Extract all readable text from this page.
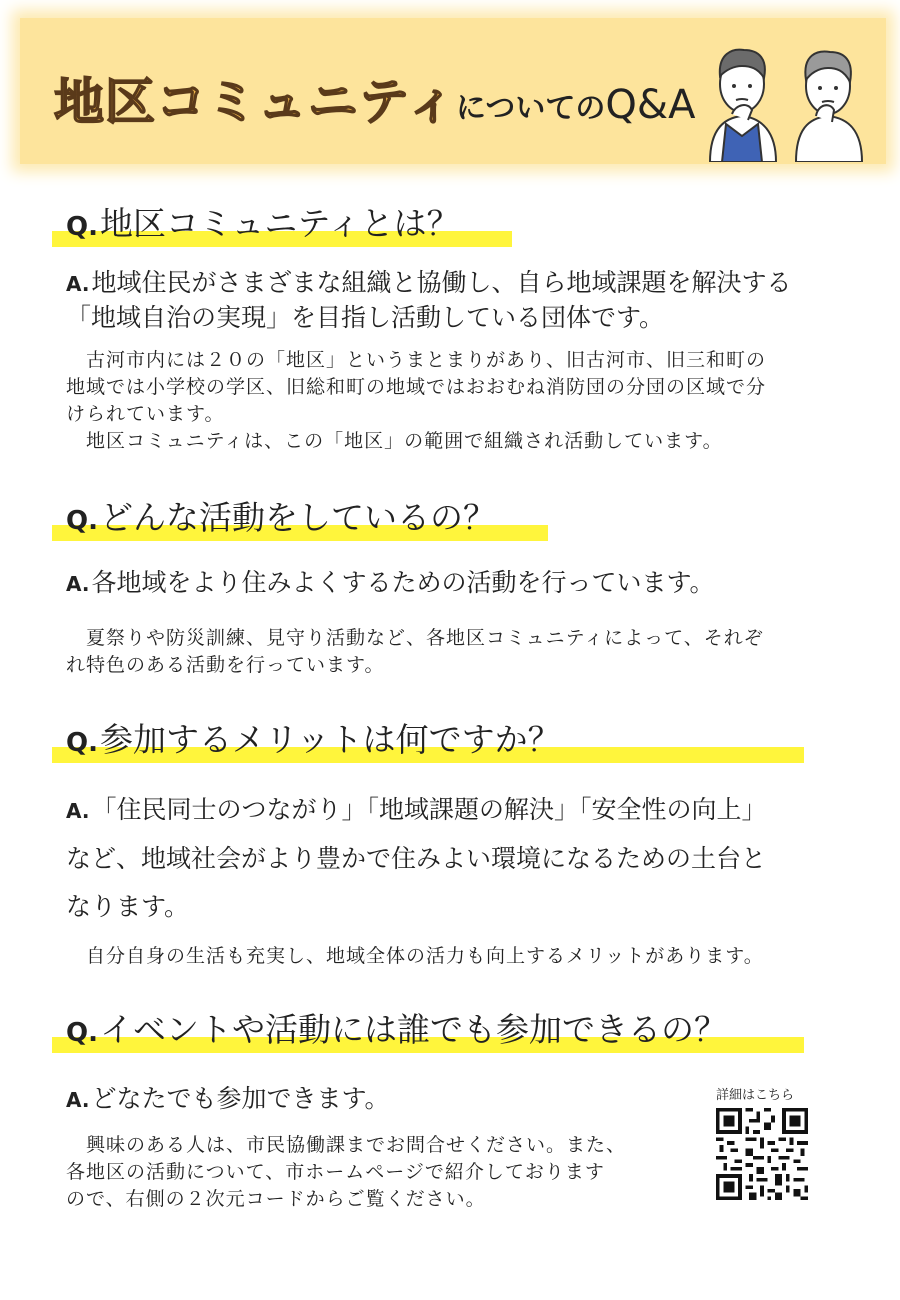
地区コミュニティ についてのQ&A
Q.地区コミュニティとは？
A.地域住民がさまざまな組織と協働し、自ら地域課題を解決する
「地域自治の実現」を目指し活動している団体です。
　古河市内には２０の「地区」というまとまりがあり、旧古河市、旧三和町の
地域では小学校の学区、旧総和町の地域ではおおむね消防団の分団の区域で分
けられています。
　地区コミュニティは、この「地区」の範囲で組織され活動しています。
Q.どんな活動をしているの？
A.各地域をより住みよくするための活動を行っています。
　夏祭りや防災訓練、見守り活動など、各地区コミュニティによって、それぞ
れ特色のある活動を行っています。
Q.参加するメリットは何ですか？
A.「住民同士のつながり」「地域課題の解決」「安全性の向上」
など、地域社会がより豊かで住みよい環境になるための土台と
なります。
　自分自身の生活も充実し、地域全体の活力も向上するメリットがあります。
Q.イベントや活動には誰でも参加できるの？
A.どなたでも参加できます。
　興味のある人は、市民協働課までお問合せください。また、
各地区の活動について、市ホームページで紹介しております
ので、右側の２次元コードからご覧ください。
詳細はこちら
